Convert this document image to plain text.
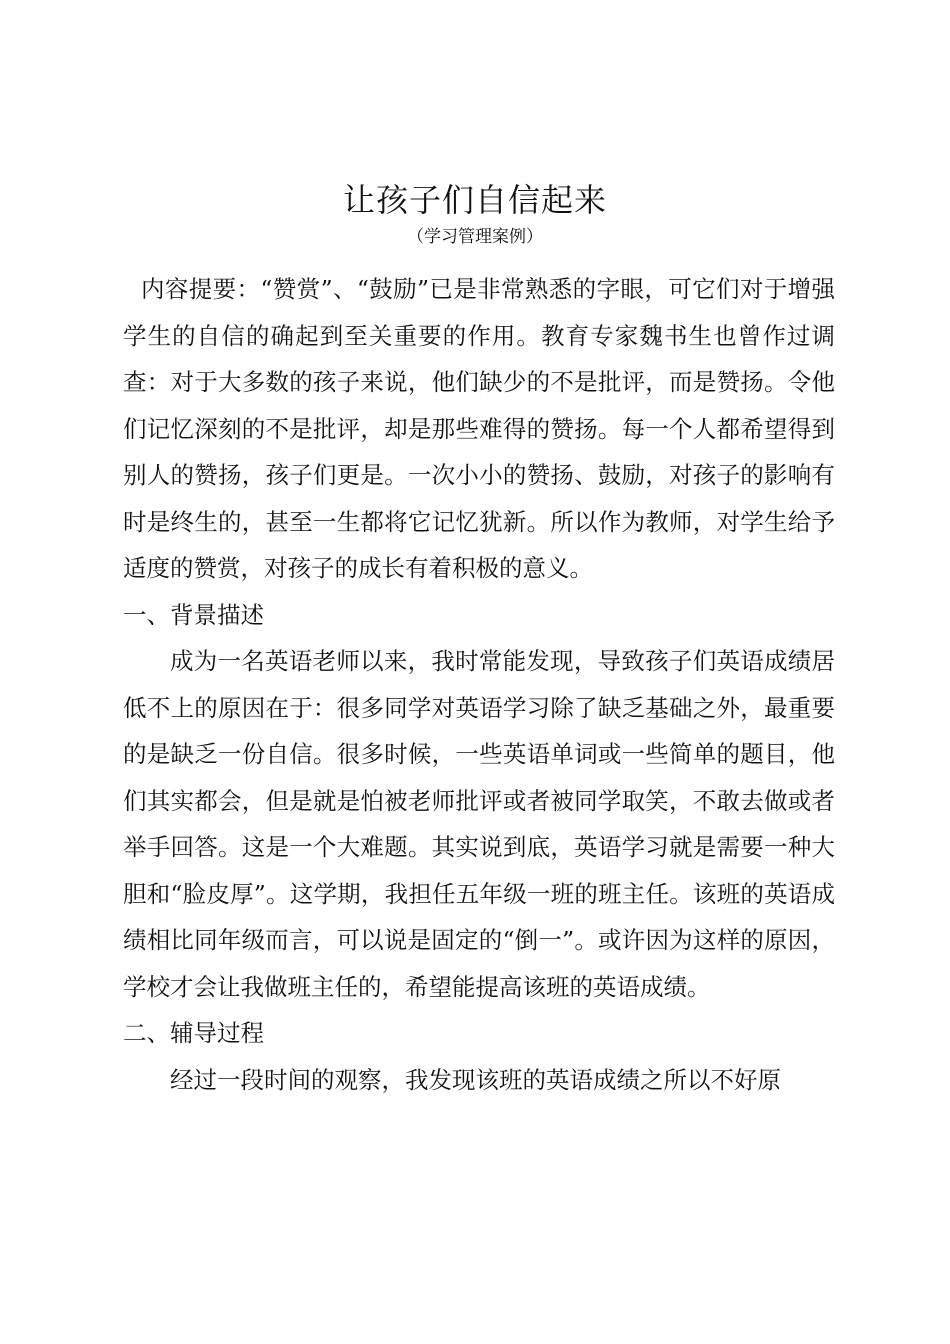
让孩子们自信起来
（学习管理案例）

内容提要：“赞赏”、“鼓励”已是非常熟悉的字眼，可它们对于增强学生的自信的确起到至关重要的作用。教育专家魏书生也曾作过调查：对于大多数的孩子来说，他们缺少的不是批评，而是赞扬。令他们记忆深刻的不是批评，却是那些难得的赞扬。每一个人都希望得到别人的赞扬，孩子们更是。一次小小的赞扬、鼓励，对孩子的影响有时是终生的，甚至一生都将它记忆犹新。所以作为教师，对学生给予适度的赞赏，对孩子的成长有着积极的意义。

一、背景描述

成为一名英语老师以来，我时常能发现，导致孩子们英语成绩居低不上的原因在于：很多同学对英语学习除了缺乏基础之外，最重要的是缺乏一份自信。很多时候，一些英语单词或一些简单的题目，他们其实都会，但是就是怕被老师批评或者被同学取笑，不敢去做或者举手回答。这是一个大难题。其实说到底，英语学习就是需要一种大胆和“脸皮厚”。这学期，我担任五年级一班的班主任。该班的英语成绩相比同年级而言，可以说是固定的“倒一”。或许因为这样的原因，学校才会让我做班主任的，希望能提高该班的英语成绩。

二、辅导过程

经过一段时间的观察，我发现该班的英语成绩之所以不好原
